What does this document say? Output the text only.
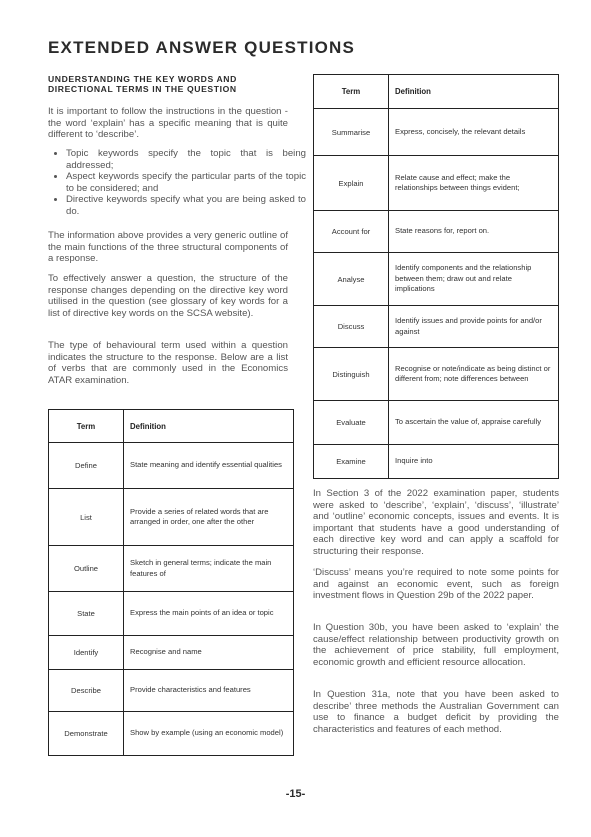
EXTENDED ANSWER QUESTIONS

UNDERSTANDING THE KEY WORDS AND DIRECTIONAL TERMS IN THE QUESTION

It is important to follow the instructions in the question - the word ‘explain’ has a specific meaning that is quite different to ‘describe’.

• Topic keywords specify the topic that is being addressed;
• Aspect keywords specify the particular parts of the topic to be considered; and
• Directive keywords specify what you are being asked to do.

The information above provides a very generic outline of the main functions of the three structural components of a response.

To effectively answer a question, the structure of the response changes depending on the directive key word utilised in the question (see glossary of key words for a list of directive key words on the SCSA website).

The type of behavioural term used within a question indicates the structure to the response. Below are a list of verbs that are commonly used in the Economics ATAR examination.

Term	Definition
Define	State meaning and identify essential qualities
List	Provide a series of related words that are arranged in order, one after the other
Outline	Sketch in general terms; indicate the main features of
State	Express the main points of an idea or topic
Identify	Recognise and name
Describe	Provide characteristics and features
Demonstrate	Show by example (using an economic model)
Term	Definition
Summarise	Express, concisely, the relevant details
Explain	Relate cause and effect; make the relationships between things evident;
Account for	State reasons for, report on.
Analyse	Identify components and the relationship between them; draw out and relate implications
Discuss	Identify issues and provide points for and/or against
Distinguish	Recognise or note/indicate as being distinct or different from; note differences between
Evaluate	To ascertain the value of, appraise carefully
Examine	Inquire into

In Section 3 of the 2022 examination paper, students were asked to ‘describe’, ‘explain’, ‘discuss’, ‘illustrate’ and ‘outline’ economic concepts, issues and events. It is important that students have a good understanding of each directive key word and can apply a scaffold for structuring their response.

‘Discuss’ means you’re required to note some points for and against an economic event, such as foreign investment flows in Question 29b of the 2022 paper.

In Question 30b, you have been asked to ‘explain’ the cause/effect relationship between productivity growth on the achievement of price stability, full employment, economic growth and efficient resource allocation.

In Question 31a, note that you have been asked to describe’ three methods the Australian Government can use to finance a budget deficit by providing the characteristics and features of each method.

-15-
